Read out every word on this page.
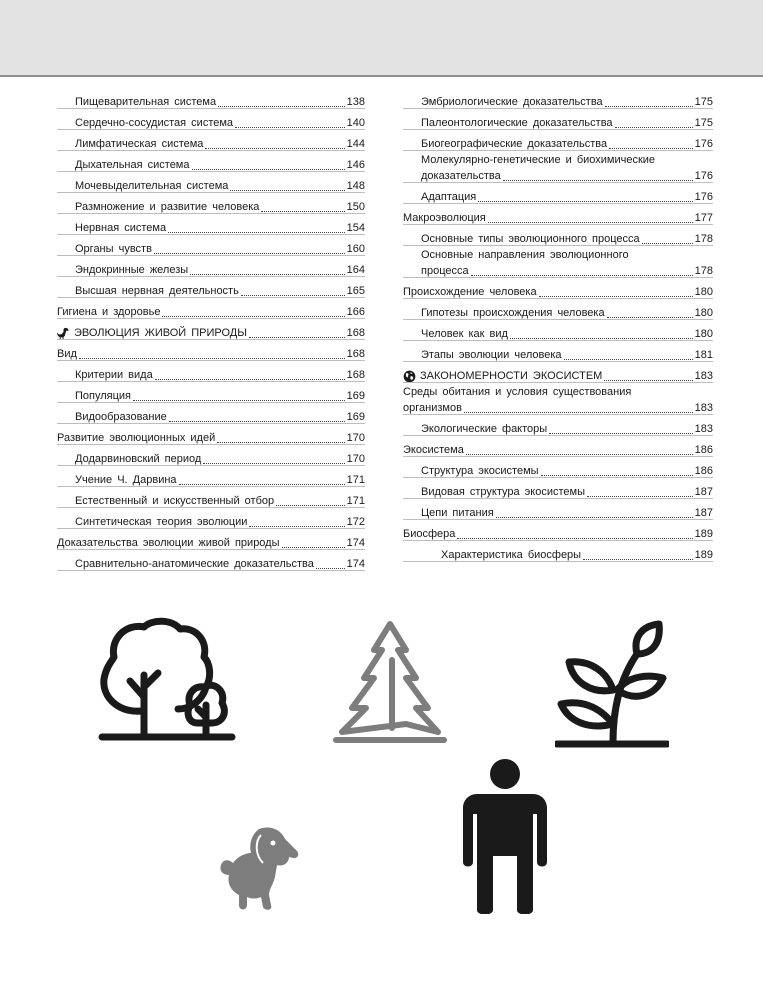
Пищеварительная система	138
Сердечно-сосудистая система	140
Лимфатическая система	144
Дыхательная система	146
Мочевыделительная система	148
Размножение и развитие человека	150
Нервная система	154
Органы чувств	160
Эндокринные железы	164
Высшая нервная деятельность	165
Гигиена и здоровье	166
ЭВОЛЮЦИЯ ЖИВОЙ ПРИРОДЫ	168
Вид	168
Критерии вида	168
Популяция	169
Видообразование	169
Развитие эволюционных идей	170
Додарвиновский период	170
Учение Ч. Дарвина	171
Естественный и искусственный отбор	171
Синтетическая теория эволюции	172
Доказательства эволюции живой природы	174
Сравнительно-анатомические доказательства	174
Эмбриологические доказательства	175
Палеонтологические доказательства	175
Биогеографические доказательства	176
Молекулярно-генетические и биохимические
доказательства	176
Адаптация	176
Макроэволюция	177
Основные типы эволюционного процесса	178
Основные направления эволюционного
процесса	178
Происхождение человека	180
Гипотезы происхождения человека	180
Человек как вид	180
Этапы эволюции человека	181
ЗАКОНОМЕРНОСТИ ЭКОСИСТЕМ	183
Среды обитания и условия существования
организмов	183
Экологические факторы	183
Экосистема	186
Структура экосистемы	186
Видовая структура экосистемы	187
Цепи питания	187
Биосфера	189
Характеристика биосферы	189
